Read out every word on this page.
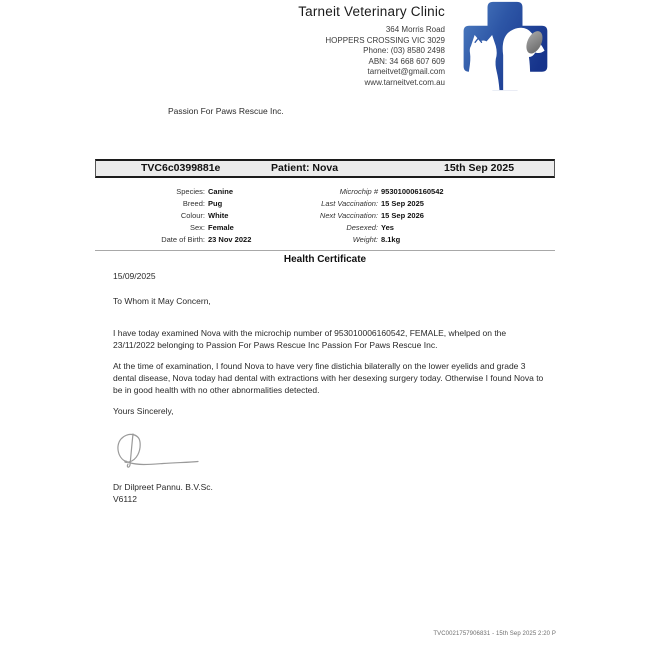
Tarneit Veterinary Clinic
364 Morris Road
HOPPERS CROSSING VIC 3029
Phone: (03) 8580 2498
ABN: 34 668 607 609
tarneitvet@gmail.com
www.tarneitvet.com.au
Passion For Paws Rescue Inc.
TVC6c0399881e	Patient: Nova	15th Sep 2025
Species: Canine
Breed: Pug
Colour: White
Sex: Female
Date of Birth: 23 Nov 2022
Microchip # 953010006160542
Last Vaccination: 15 Sep 2025
Next Vaccination: 15 Sep 2026
Desexed: Yes
Weight: 8.1kg
Health Certificate

15/09/2025

To Whom it May Concern,

I have today examined Nova with the microchip number of 953010006160542, FEMALE, whelped on the 23/11/2022 belonging to Passion For Paws Rescue Inc Passion For Paws Rescue Inc.

At the time of examination, I found Nova to have very fine distichia bilaterally on the lower eyelids and grade 3 dental disease, Nova today had dental with extractions with her desexing surgery today. Otherwise I found Nova to be in good health with no other abnormalities detected.

Yours Sincerely,

Dr Dilpreet Pannu. B.V.Sc.

V6112

TVC0021757906831 - 15th Sep 2025 2:20 P
